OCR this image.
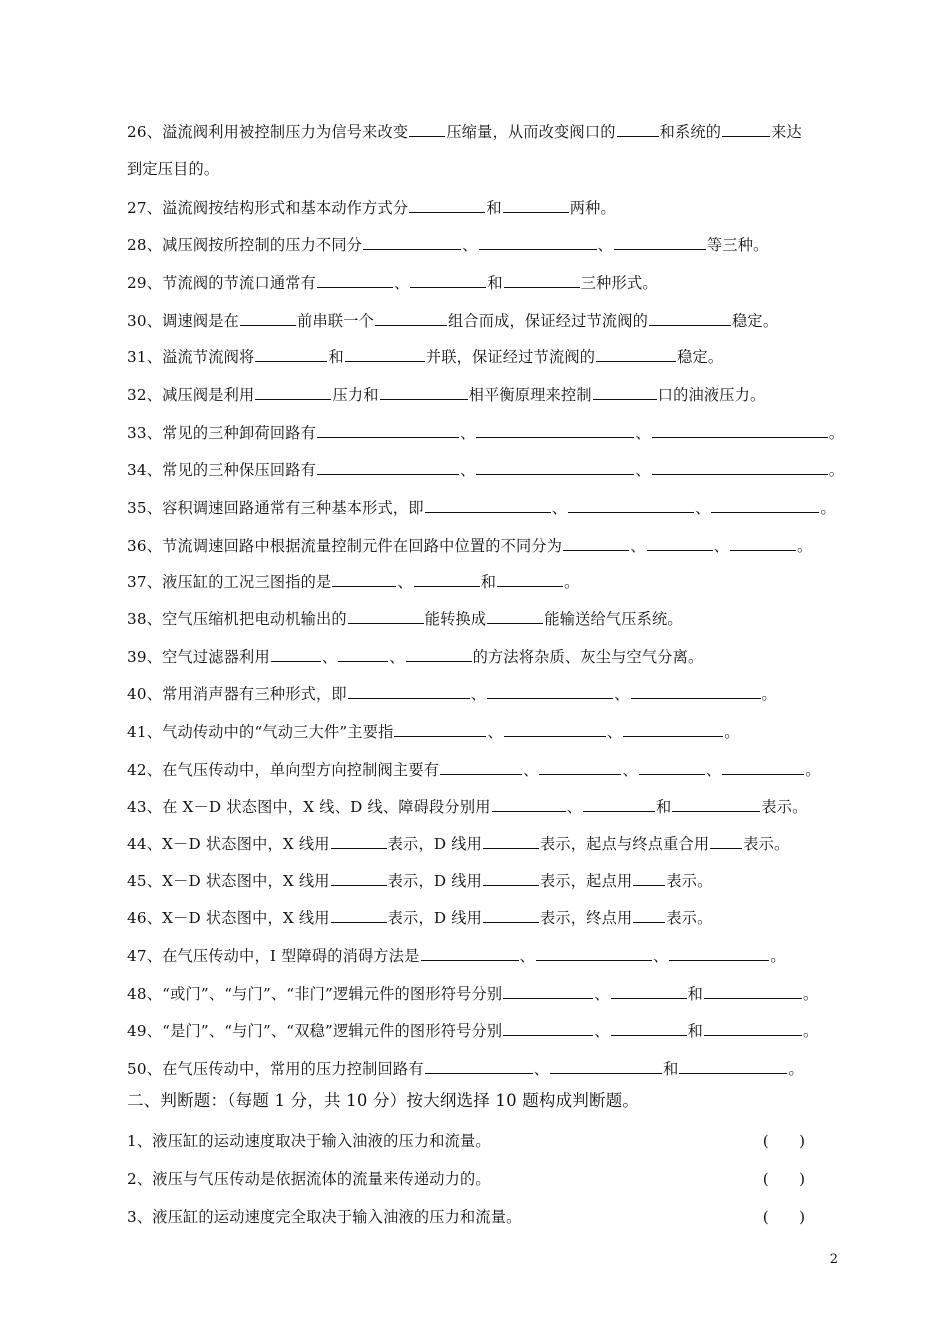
26、溢流阀利用被控制压力为信号来改变	压缩量，从而改变阀口的	和系统的	来达
到定压目的。
27、溢流阀按结构形式和基本动作方式分	和	两种。
28、减压阀按所控制的压力不同分	、	、	等三种。
29、节流阀的节流口通常有	、	和	三种形式。
30、调速阀是在	前串联一个	组合而成，保证经过节流阀的	稳定。
31、溢流节流阀将	和	并联，保证经过节流阀的	稳定。
32、减压阀是利用	压力和	相平衡原理来控制	口的油液压力。
33、常见的三种卸荷回路有	、	、	。
34、常见的三种保压回路有	、	、	。
35、容积调速回路通常有三种基本形式，即	、	、	。
36、节流调速回路中根据流量控制元件在回路中位置的不同分为	、	、	。
37、液压缸的工况三图指的是	、	和	。
38、空气压缩机把电动机输出的	能转换成	能输送给气压系统。
39、空气过滤器利用	、	、	的方法将杂质、灰尘与空气分离。
40、常用消声器有三种形式，即	、	、	。
41、气动传动中的“气动三大件”主要指	、	、	。
42、在气压传动中，单向型方向控制阀主要有	、	、	、	。
43、在 X－D 状态图中，X 线、D 线、障碍段分别用	、	和	表示。
44、X－D 状态图中，X 线用	表示，D 线用	表示，起点与终点重合用 表示。
45、X－D 状态图中，X 线用	表示，D 线用	表示，起点用 表示。
46、X－D 状态图中，X 线用	表示，D 线用	表示，终点用 表示。
47、在气压传动中，I 型障碍的消碍方法是	、	、	。
48、“或门”、“与门”、“非门”逻辑元件的图形符号分别	、	和	。
49、“是门”、“与门”、“双稳”逻辑元件的图形符号分别	、	和	。
50、在气压传动中，常用的压力控制回路有	、	和	。
二、判断题：（每题 1 分，共 10 分）按大纲选择 10 题构成判断题。
1、液压缸的运动速度取决于输入油液的压力和流量。	(　　)
2、液压与气压传动是依据流体的流量来传递动力的。	(　　)
3、液压缸的运动速度完全取决于输入油液的压力和流量。	(　　)
2
